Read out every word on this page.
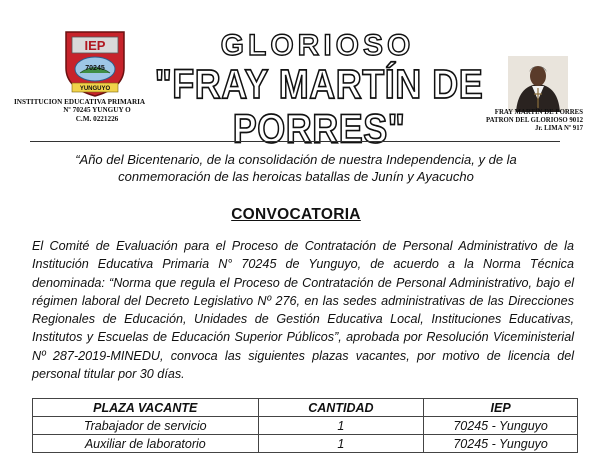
IEP
70245
YUNGUYO
GLORIOSO
"FRAY MARTÍN DE PORRES"
INSTITUCION EDUCATIVA PRIMARIA
Nº 70245 YUNGUY O
C.M. 0221226
FRAY MARTÍN DE PORRES
PATRON DEL GLORIOSO 9012
Jr. LIMA Nº 917
“Año del Bicentenario, de la consolidación de nuestra Independencia, y de la conmemoración de las heroicas batallas de Junín y Ayacucho
CONVOCATORIA
El Comité de Evaluación para el Proceso de Contratación de Personal Administrativo de la Institución Educativa Primaria N° 70245 de Yunguyo, de acuerdo a la Norma Técnica denominada: “Norma que regula el Proceso de Contratación de Personal Administrativo, bajo el régimen laboral del Decreto Legislativo Nº 276, en las sedes administrativas de las Direcciones Regionales de Educación, Unidades de Gestión Educativa Local, Instituciones Educativas, Institutos y Escuelas de Educación Superior Públicos”, aprobada por Resolución Viceministerial Nº 287-2019-MINEDU, convoca las siguientes plazas vacantes, por motivo de licencia del personal titular por 30 días.
PLAZA VACANTE	CANTIDAD	IEP
Trabajador de servicio	1	70245 - Yunguyo
Auxiliar de laboratorio	1	70245 - Yunguyo
